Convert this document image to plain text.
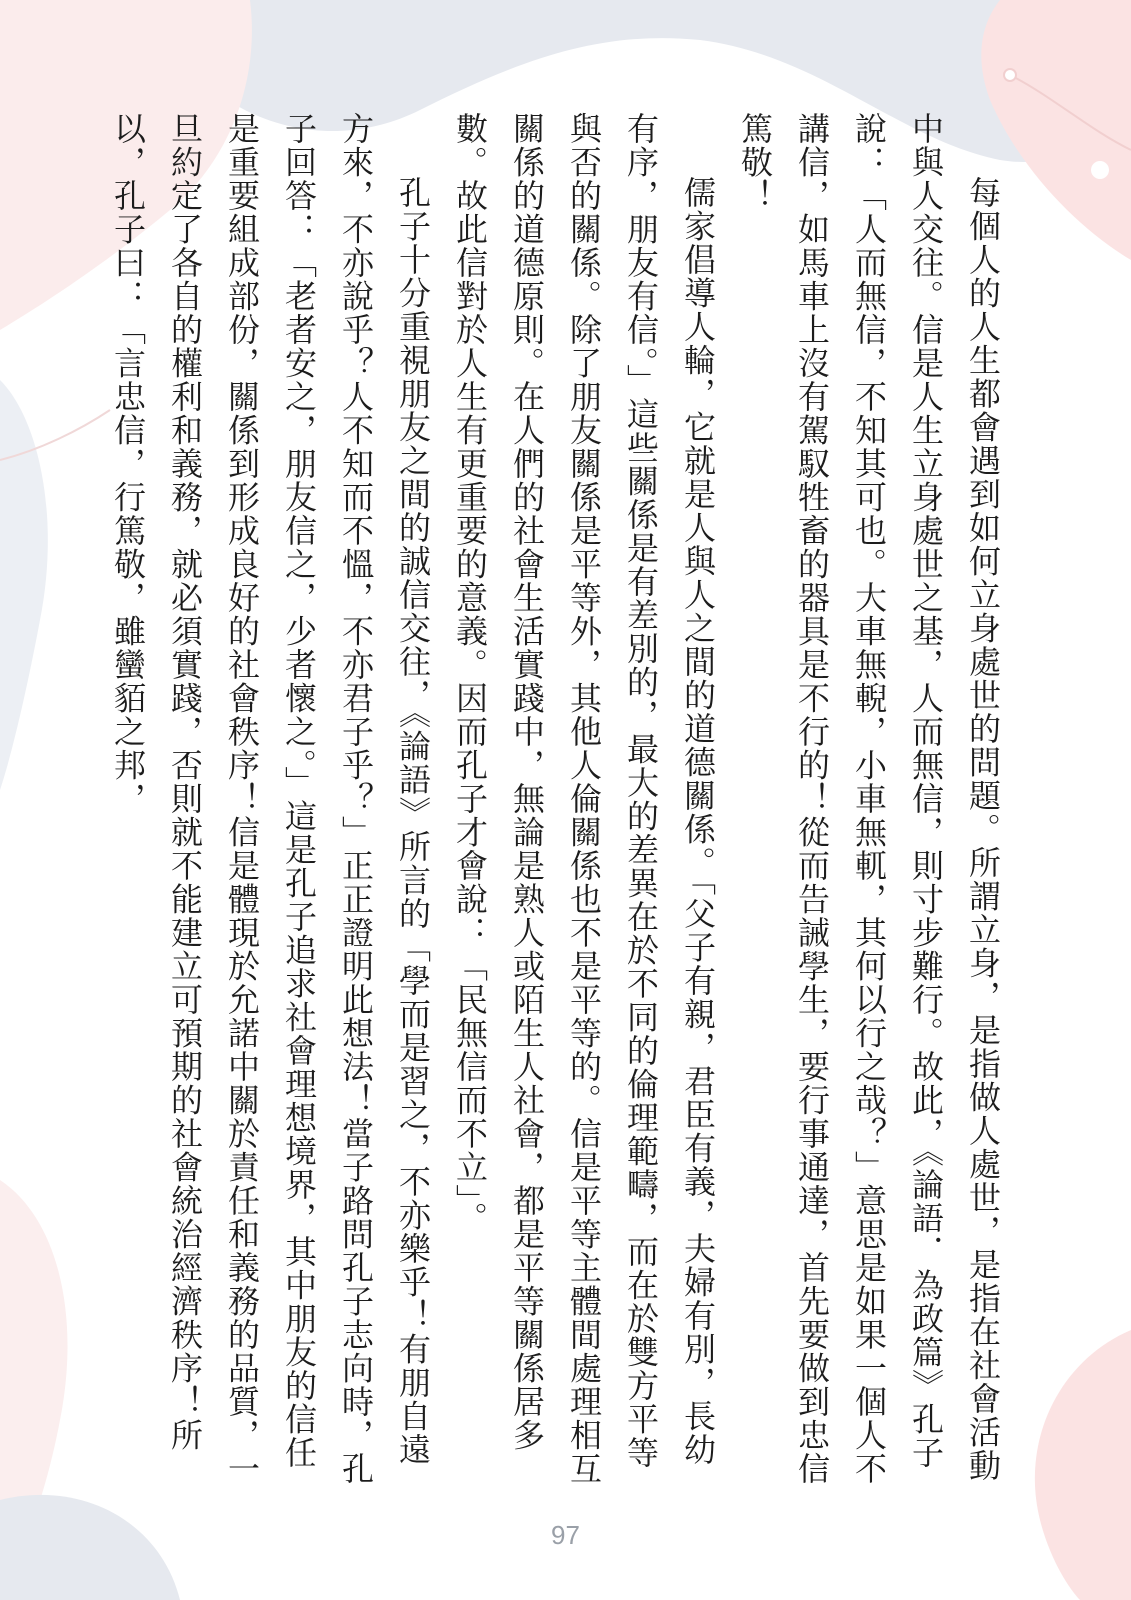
每個人的人生都會遇到如何立身處世的問題。所謂立身，是指做人處世，是指在社會活動中與人交往。信是人生立身處世之基，人而無信，則寸步難行。故此，《論語．為政篇》孔子說：「人而無信，不知其可也。大車無輗，小車無軏，其何以行之哉？」意思是如果一個人不講信，如馬車上沒有駕馭牲畜的器具是不行的！從而告誡學生，要行事通達，首先要做到忠信篤敬！

儒家倡導人輪，它就是人與人之間的道德關係。「父子有親，君臣有義，夫婦有別，長幼有序，朋友有信。」這些關係是有差別的，最大的差異在於不同的倫理範疇，而在於雙方平等與否的關係。除了朋友關係是平等外，其他人倫關係也不是平等的。信是平等主體間處理相互關係的道德原則。在人們的社會生活實踐中，無論是熟人或陌生人社會，都是平等關係居多數。故此信對於人生有更重要的意義。因而孔子才會說：「民無信而不立」。

孔子十分重視朋友之間的誠信交往，《論語》所言的「學而是習之，不亦樂乎！有朋自遠方來，不亦說乎？人不知而不慍，不亦君子乎？」正正證明此想法！當子路問孔子志向時，孔子回答：「老者安之，朋友信之，少者懷之。」這是孔子追求社會理想境界，其中朋友的信任是重要組成部份，關係到形成良好的社會秩序！信是體現於允諾中關於責任和義務的品質，一旦約定了各自的權利和義務，就必須實踐，否則就不能建立可預期的社會統治經濟秩序！所以，孔子曰：「言忠信，行篤敬，雖蠻貊之邦，

97
